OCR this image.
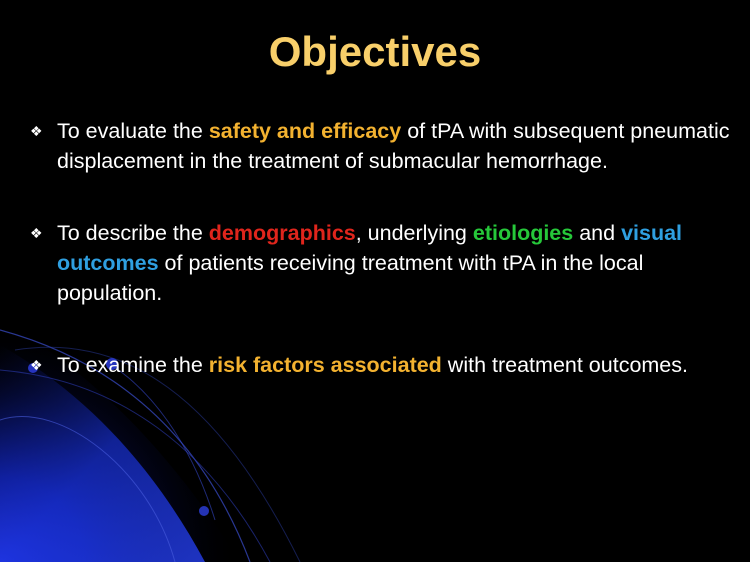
Objectives
❖ To evaluate the safety and efficacy of tPA with subsequent pneumatic displacement in the treatment of submacular hemorrhage.
❖ To describe the demographics, underlying etiologies and visual outcomes of patients receiving treatment with tPA in the local population.
❖ To examine the risk factors associated with treatment outcomes.
